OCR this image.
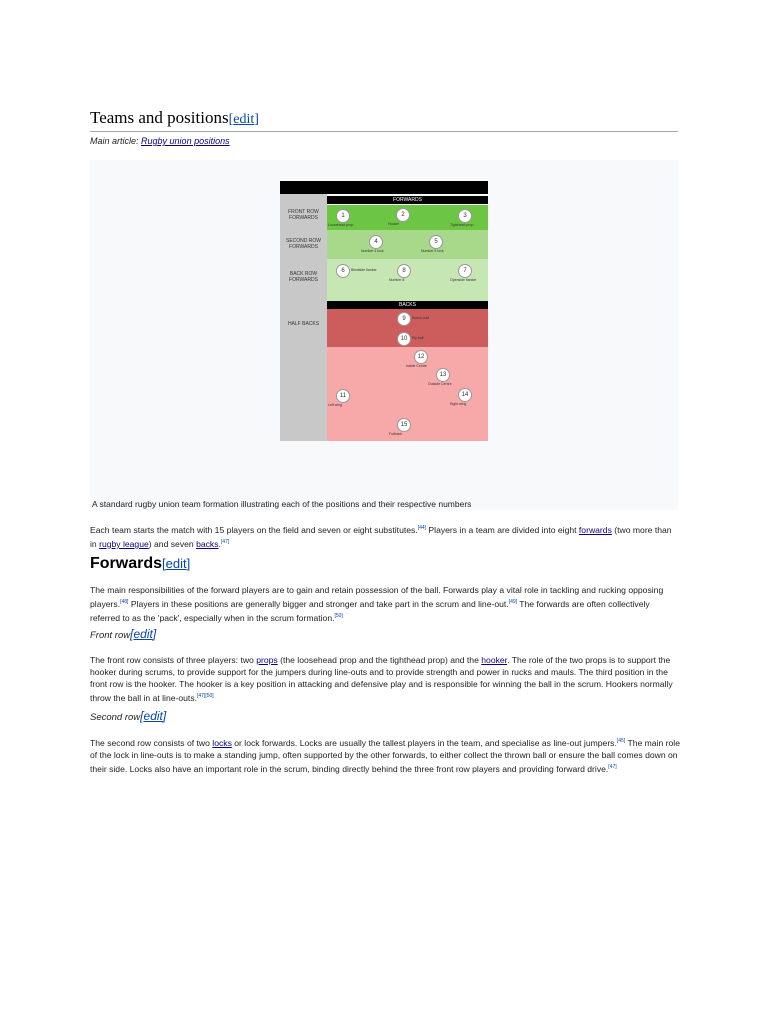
Teams and positions[edit]
Main article: Rugby union positions
FORWARDS
BACKS
FRONT ROW FORWARDS
SECOND ROW FORWARDS
BACK ROW FORWARDS
HALF BACKS
1
Loosehead prop
2
Hooker
3
Tighthead prop
4
Number 4 lock
5
Number 5 lock
6	Blindside flanker	8
Number 8
7
Openside flanker
9	Scrum-half
10	Fly-half
12
Inside Centre
13
Outside Centre
11
Left wing
14
Right wing
15
Fullback
A standard rugby union team formation illustrating each of the positions and their respective numbers
Each team starts the match with 15 players on the field and seven or eight substitutes.[44] Players in a team are divided into eight forwards (two more than in rugby league) and seven backs.[47]
Forwards[edit]
The main responsibilities of the forward players are to gain and retain possession of the ball. Forwards play a vital role in tackling and rucking opposing players.[48] Players in these positions are generally bigger and stronger and take part in the scrum and line-out.[49] The forwards are often collectively referred to as the 'pack', especially when in the scrum formation.[50]
Front row[edit]
The front row consists of three players: two props (the loosehead prop and the tighthead prop) and the hooker. The role of the two props is to support the hooker during scrums, to provide support for the jumpers during line-outs and to provide strength and power in rucks and mauls. The third position in the front row is the hooker. The hooker is a key position in attacking and defensive play and is responsible for winning the ball in the scrum. Hookers normally throw the ball in at line-outs.[47][50]
Second row[edit]
The second row consists of two locks or lock forwards. Locks are usually the tallest players in the team, and specialise as line-out jumpers.[45] The main role of the lock in line-outs is to make a standing jump, often supported by the other forwards, to either collect the thrown ball or ensure the ball comes down on their side. Locks also have an important role in the scrum, binding directly behind the three front row players and providing forward drive.[47]
